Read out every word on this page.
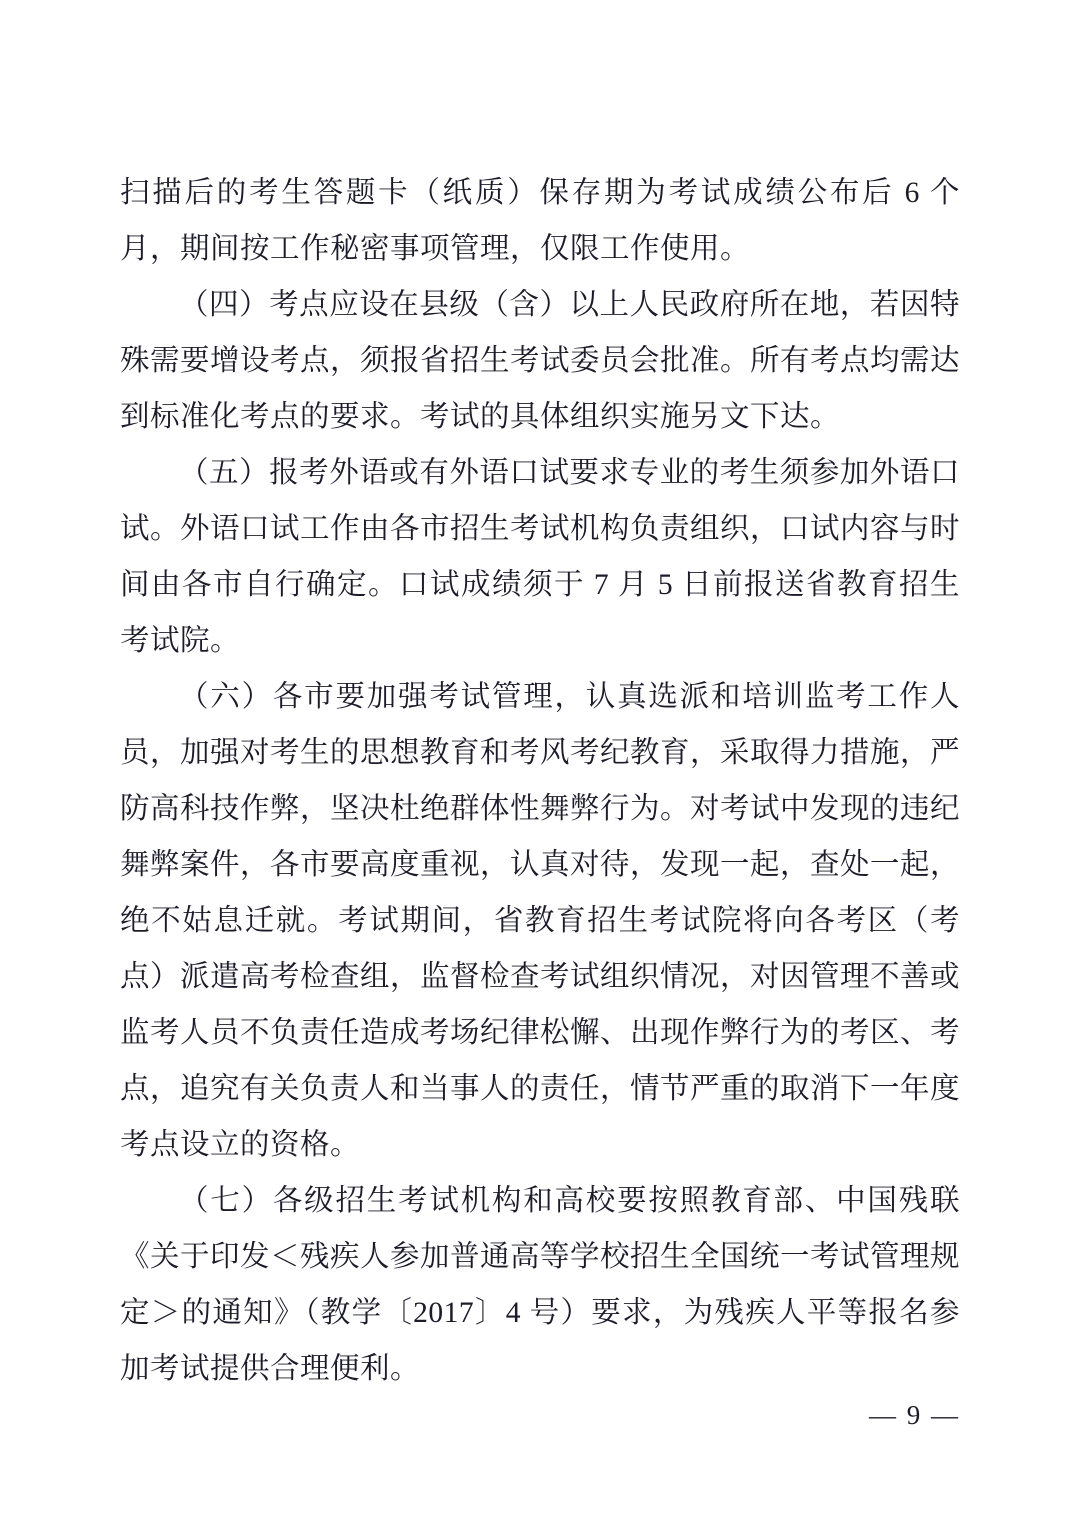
扫描后的考生答题卡（纸质）保存期为考试成绩公布后 6 个月，期间按工作秘密事项管理，仅限工作使用。

（四）考点应设在县级（含）以上人民政府所在地，若因特殊需要增设考点，须报省招生考试委员会批准。所有考点均需达到标准化考点的要求。考试的具体组织实施另文下达。

（五）报考外语或有外语口试要求专业的考生须参加外语口试。外语口试工作由各市招生考试机构负责组织，口试内容与时间由各市自行确定。口试成绩须于 7 月 5 日前报送省教育招生考试院。

（六）各市要加强考试管理，认真选派和培训监考工作人员，加强对考生的思想教育和考风考纪教育，采取得力措施，严防高科技作弊，坚决杜绝群体性舞弊行为。对考试中发现的违纪舞弊案件，各市要高度重视，认真对待，发现一起，查处一起，绝不姑息迁就。考试期间，省教育招生考试院将向各考区（考点）派遣高考检查组，监督检查考试组织情况，对因管理不善或监考人员不负责任造成考场纪律松懈、出现作弊行为的考区、考点，追究有关负责人和当事人的责任，情节严重的取消下一年度考点设立的资格。

（七）各级招生考试机构和高校要按照教育部、中国残联《关于印发＜残疾人参加普通高等学校招生全国统一考试管理规定＞的通知》（教学〔2017〕4 号）要求，为残疾人平等报名参加考试提供合理便利。

— 9 —
